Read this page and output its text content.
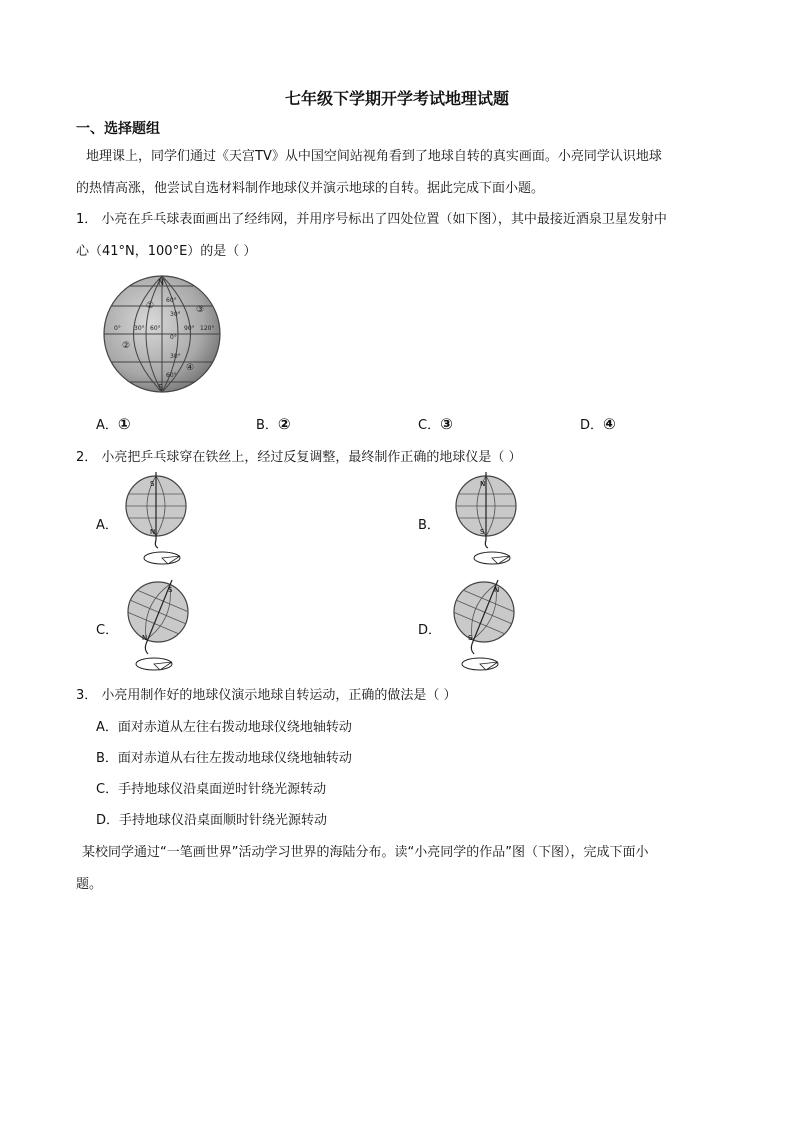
七年级下学期开学考试地理试题
一、选择题组
地理课上，同学们通过《天宫TV》从中国空间站视角看到了地球自转的真实画面。小亮同学认识地球
的热情高涨，他尝试自选材料制作地球仪并演示地球的自转。据此完成下面小题。
1． 小亮在乒乓球表面画出了经纬网，并用序号标出了四处位置（如下图），其中最接近酒泉卫星发射中
心（41°N，100°E）的是（ ）
60°
30°
0°
30°
60°
0° 30° 60°	90° 120°
①
②
③
④
N
S
A．①	B．②	C．③	D．④
2． 小亮把乒乓球穿在铁丝上，经过反复调整，最终制作正确的地球仪是（ ）
A．	B．
C．	D．
S
N
N
S
S
N
N
S
3． 小亮用制作好的地球仪演示地球自转运动，正确的做法是（ ）
A．面对赤道从左往右拨动地球仪绕地轴转动
B．面对赤道从右往左拨动地球仪绕地轴转动
C．手持地球仪沿桌面逆时针绕光源转动
D．手持地球仪沿桌面顺时针绕光源转动
某校同学通过“一笔画世界”活动学习世界的海陆分布。读“小亮同学的作品”图（下图），完成下面小
题。
